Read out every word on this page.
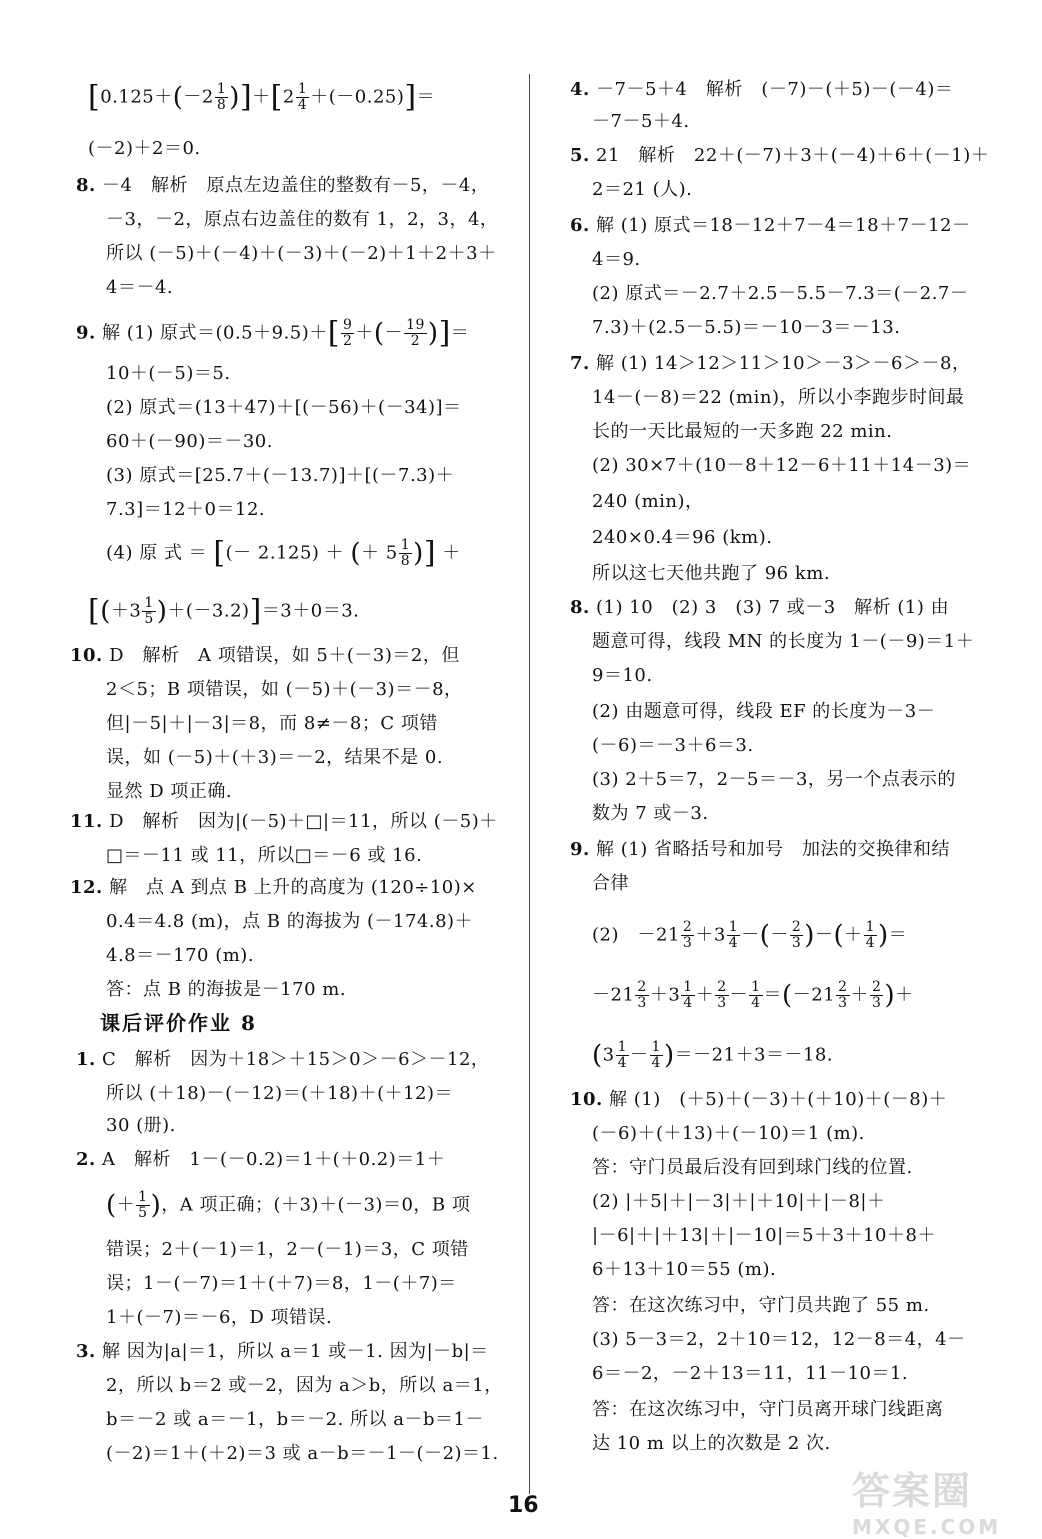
$[0.125+(-2 \frac{1}{8} )]+[2 \frac{1}{4} +(-0.25)]=$
(－2)＋2＝0.
8. －4　解析　原点左边盖住的整数有－5，－4，
－3，－2，原点右边盖住的数有 1，2，3，4，
所以 (－5)＋(－4)＋(－3)＋(－2)＋1＋2＋3＋
4＝－4.
9. 解 (1) 原式$=(0.5+9.5)+[ \frac{9}{2}$ ＋(－ $\frac{19}{2}$ )]＝
10＋(－5)＝5.
(2) 原式＝(13＋47)＋[(－56)＋(－34)]＝
60＋(－90)＝－30.
(3) 原式＝[25.7＋(－13.7)]＋[(－7.3)＋
7.3]＝12＋0＝12.
(4) 原 式 ＝ [(－ 2.125) ＋ (＋ $5 \frac{1}{8}$ )] ＋
$[(+3 \frac{1}{5} )+(-3.2)]=3+0=3$.
10. D　解析　A 项错误，如 5＋(－3)＝2，但
2＜5；B 项错误，如 (－5)＋(－3)＝－8，
但|－5|＋|－3|＝8，而 8≠－8；C 项错
误，如 (－5)＋(＋3)＝－2，结果不是 0.
显然 D 项正确.
11. D　解析　因为|(－5)＋□|＝11，所以 (－5)＋
□＝－11 或 11，所以□＝－6 或 16.
12. 解　点 A 到点 B 上升的高度为 (120÷10)×
0.4＝4.8 (m)，点 B 的海拔为 (－174.8)＋
4.8＝－170 (m).
答：点 B 的海拔是－170 m.
课后评价作业 8
1. C　解析　因为＋18＞＋15＞0＞－6＞－12，
所以 (＋18)－(－12)＝(＋18)＋(＋12)＝
30 (册).
2. A　解析　1－(－0.2)＝1＋(＋0.2)＝1＋
(＋ $\frac{1}{5}$ )，A 项正确；(＋3)＋(－3)＝0，B 项
错误；2＋(－1)＝1，2－(－1)＝3，C 项错
误；1－(－7)＝1＋(＋7)＝8，1－(＋7)＝
1＋(－7)＝－6，D 项错误.
3. 解 因为|a|＝1，所以 a＝1 或－1. 因为|－b|＝
2，所以 b＝2 或－2，因为 a＞b，所以 a＝1，
b＝－2 或 a＝－1，b＝－2. 所以 a－b＝1－
(－2)＝1＋(＋2)＝3 或 a－b＝－1－(－2)＝1.
4. －7－5＋4　解析　(－7)－(＋5)－(－4)＝
－7－5＋4.
5. 21　解析　22＋(－7)＋3＋(－4)＋6＋(－1)＋
2＝21 (人).
6. 解 (1) 原式＝18－12＋7－4＝18＋7－12－
4＝9.
(2) 原式＝－2.7＋2.5－5.5－7.3＝(－2.7－
7.3)＋(2.5－5.5)＝－10－3＝－13.
7. 解 (1) 14＞12＞11＞10＞－3＞－6＞－8，
14－(－8)＝22 (min)，所以小李跑步时间最
长的一天比最短的一天多跑 22 min.
(2) 30×7＋(10－8＋12－6＋11＋14－3)＝
240 (min)，
240×0.4＝96 (km).
所以这七天他共跑了 96 km.
8. (1) 10　(2) 3　(3) 7 或－3　解析 (1) 由
题意可得，线段 MN 的长度为 1－(－9)＝1＋
9＝10.
(2) 由题意可得，线段 EF 的长度为－3－
(－6)＝－3＋6＝3.
(3) 2＋5＝7，2－5＝－3，另一个点表示的
数为 7 或－3.
9. 解 (1) 省略括号和加号　加法的交换律和结
合律
(2)　$-21 \frac{2}{3} +3 \frac{1}{4}$ －(－ $\frac{2}{3}$ )－(＋ $\frac{1}{4}$ )＝
$-21 \frac{2}{3} +3 \frac{1}{4} + \frac{2}{3} - \frac{1}{4} =(-21 \frac{2}{3} + \frac{2}{3}$ )＋
$(3 \frac{1}{4} - \frac{1}{4} )=-21+3=-18$.
10. 解 (1)　(＋5)＋(－3)＋(＋10)＋(－8)＋
(－6)＋(＋13)＋(－10)＝1 (m).
答：守门员最后没有回到球门线的位置.
(2) |＋5|＋|－3|＋|＋10|＋|－8|＋
|－6|＋|＋13|＋|－10|＝5＋3＋10＋8＋
6＋13＋10＝55 (m).
答：在这次练习中，守门员共跑了 55 m.
(3) 5－3＝2，2＋10＝12，12－8＝4，4－
6＝－2，－2＋13＝11，11－10＝1.
答：在这次练习中，守门员离开球门线距离
达 10 m 以上的次数是 2 次.
16	答案圈
MXQE.COM
